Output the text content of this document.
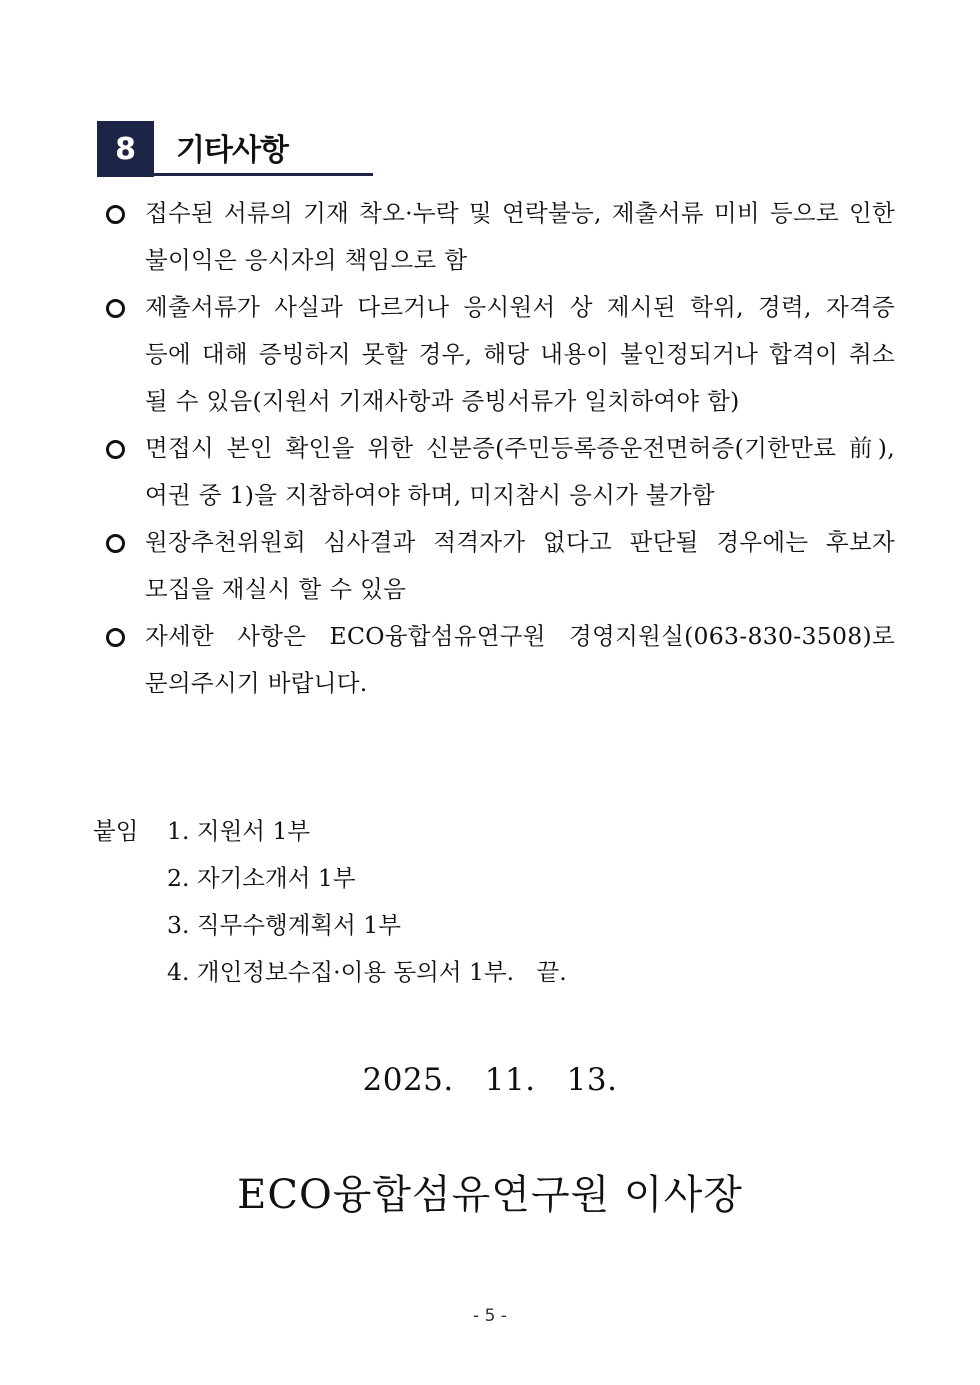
8	기타사항
접수된 서류의 기재 착오·누락 및 연락불능, 제출서류 미비 등으로 인한 불이익은 응시자의 책임으로 함
제출서류가 사실과 다르거나 응시원서 상 제시된 학위, 경력, 자격증 등에 대해 증빙하지 못할 경우, 해당 내용이 불인정되거나 합격이 취소 될 수 있음(지원서 기재사항과 증빙서류가 일치하여야 함)
면접시 본인 확인을 위한 신분증(주민등록증운전면허증(기한만료 前), 여권 중 1)을 지참하여야 하며, 미지참시 응시가 불가함
원장추천위원회 심사결과 적격자가 없다고 판단될 경우에는 후보자 모집을 재실시 할 수 있음
자세한 사항은 ECO융합섬유연구원 경영지원실(063-830-3508)로 문의주시기 바랍니다.
붙임	1. 지원서 1부
2. 자기소개서 1부
3. 직무수행계획서 1부
4. 개인정보수집·이용 동의서 1부.   끝.
2025.   11.   13.
ECO융합섬유연구원 이사장
- 5 -
